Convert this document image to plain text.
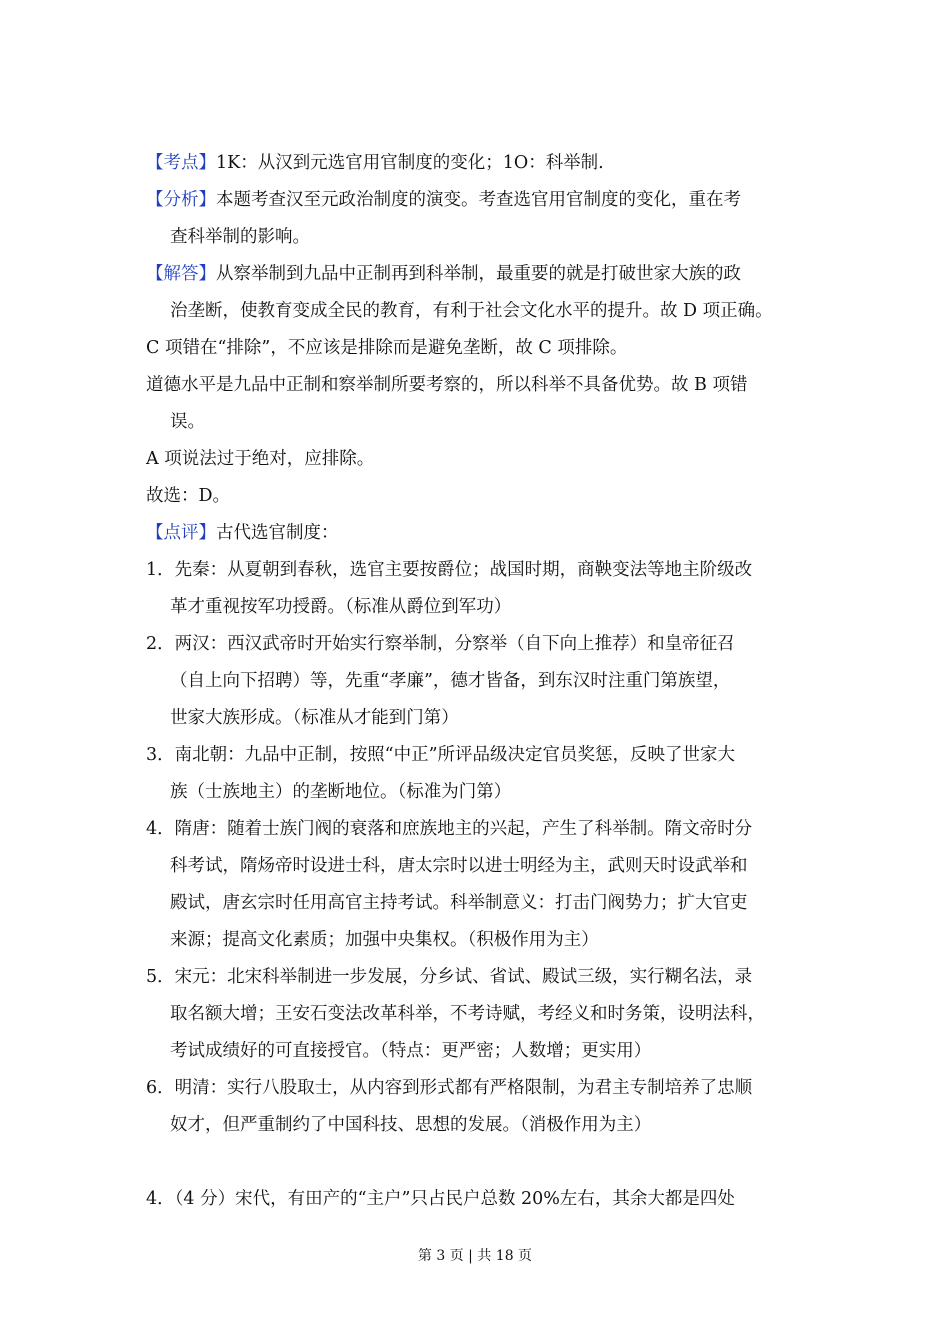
【考点】1K：从汉到元选官用官制度的变化；1O：科举制.
【分析】本题考查汉至元政治制度的演变。考查选官用官制度的变化，重在考
查科举制的影响。
【解答】从察举制到九品中正制再到科举制，最重要的就是打破世家大族的政
治垄断，使教育变成全民的教育，有利于社会文化水平的提升。故 D 项正确。
C 项错在“排除”，不应该是排除而是避免垄断，故 C 项排除。
道德水平是九品中正制和察举制所要考察的，所以科举不具备优势。故 B 项错
误。
A 项说法过于绝对，应排除。
故选：D。
【点评】古代选官制度：
1．先秦：从夏朝到春秋，选官主要按爵位；战国时期，商鞅变法等地主阶级改
革才重视按军功授爵。（标准从爵位到军功）
2．两汉：西汉武帝时开始实行察举制，分察举（自下向上推荐）和皇帝征召
（自上向下招聘）等，先重“孝廉”，德才皆备，到东汉时注重门第族望，
世家大族形成。（标准从才能到门第）
3．南北朝：九品中正制，按照“中正”所评品级决定官员奖惩，反映了世家大
族（士族地主）的垄断地位。（标准为门第）
4．隋唐：随着士族门阀的衰落和庶族地主的兴起，产生了科举制。隋文帝时分
科考试，隋炀帝时设进士科，唐太宗时以进士明经为主，武则天时设武举和
殿试，唐玄宗时任用高官主持考试。科举制意义：打击门阀势力；扩大官吏
来源；提高文化素质；加强中央集权。（积极作用为主）
5．宋元：北宋科举制进一步发展，分乡试、省试、殿试三级，实行糊名法，录
取名额大增；王安石变法改革科举，不考诗赋，考经义和时务策，设明法科，
考试成绩好的可直接授官。（特点：更严密；人数增；更实用）
6．明清：实行八股取士，从内容到形式都有严格限制，为君主专制培养了忠顺
奴才，但严重制约了中国科技、思想的发展。（消极作用为主）
4．（4 分）宋代，有田产的“主户”只占民户总数 20%左右，其余大都是四处
第 3 页 | 共 18 页
